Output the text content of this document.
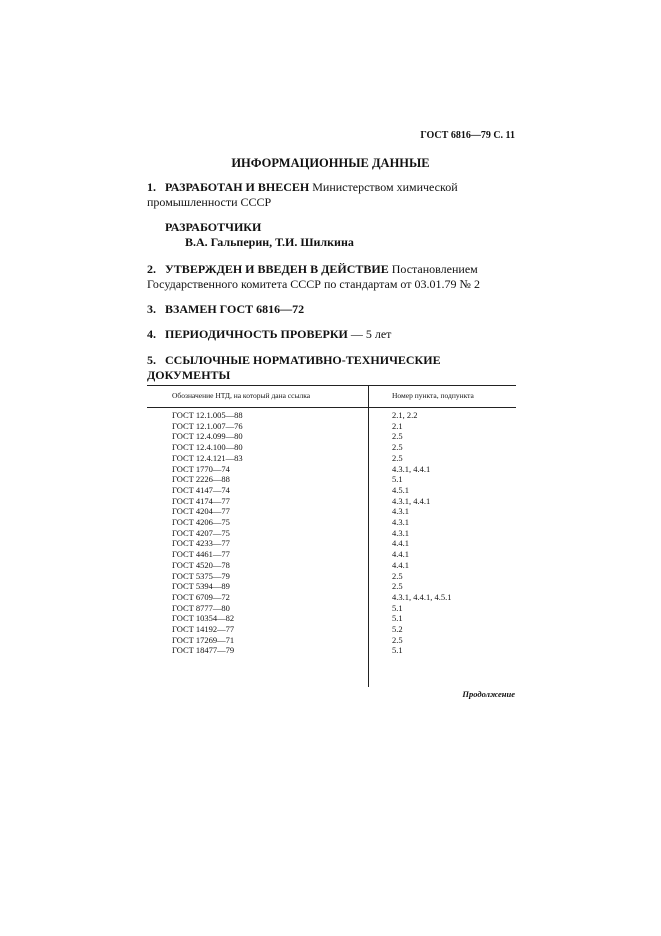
ГОСТ 6816—79 С. 11
ИНФОРМАЦИОННЫЕ ДАННЫЕ
1. РАЗРАБОТАН И ВНЕСЕН Министерством химической промышленности СССР
РАЗРАБОТЧИКИ
В.А. Гальперин, Т.И. Шилкина
2. УТВЕРЖДЕН И ВВЕДЕН В ДЕЙСТВИЕ Постановлением Государственного комитета СССР по стандартам от 03.01.79 № 2
3. ВЗАМЕН ГОСТ 6816—72
4. ПЕРИОДИЧНОСТЬ ПРОВЕРКИ — 5 лет
5. ССЫЛОЧНЫЕ НОРМАТИВНО-ТЕХНИЧЕСКИЕ ДОКУМЕНТЫ
Обозначение НТД, на который дана ссылка	Номер пункта, подпункта
ГОСТ 12.1.005—88	2.1, 2.2
ГОСТ 12.1.007—76	2.1
ГОСТ 12.4.099—80	2.5
ГОСТ 12.4.100—80	2.5
ГОСТ 12.4.121—83	2.5
ГОСТ 1770—74	4.3.1, 4.4.1
ГОСТ 2226—88	5.1
ГОСТ 4147—74	4.5.1
ГОСТ 4174—77	4.3.1, 4.4.1
ГОСТ 4204—77	4.3.1
ГОСТ 4206—75	4.3.1
ГОСТ 4207—75	4.3.1
ГОСТ 4233—77	4.4.1
ГОСТ 4461—77	4.4.1
ГОСТ 4520—78	4.4.1
ГОСТ 5375—79	2.5
ГОСТ 5394—89	2.5
ГОСТ 6709—72	4.3.1, 4.4.1, 4.5.1
ГОСТ 8777—80	5.1
ГОСТ 10354—82	5.1
ГОСТ 14192—77	5.2
ГОСТ 17269—71	2.5
ГОСТ 18477—79	5.1
Продолжение
